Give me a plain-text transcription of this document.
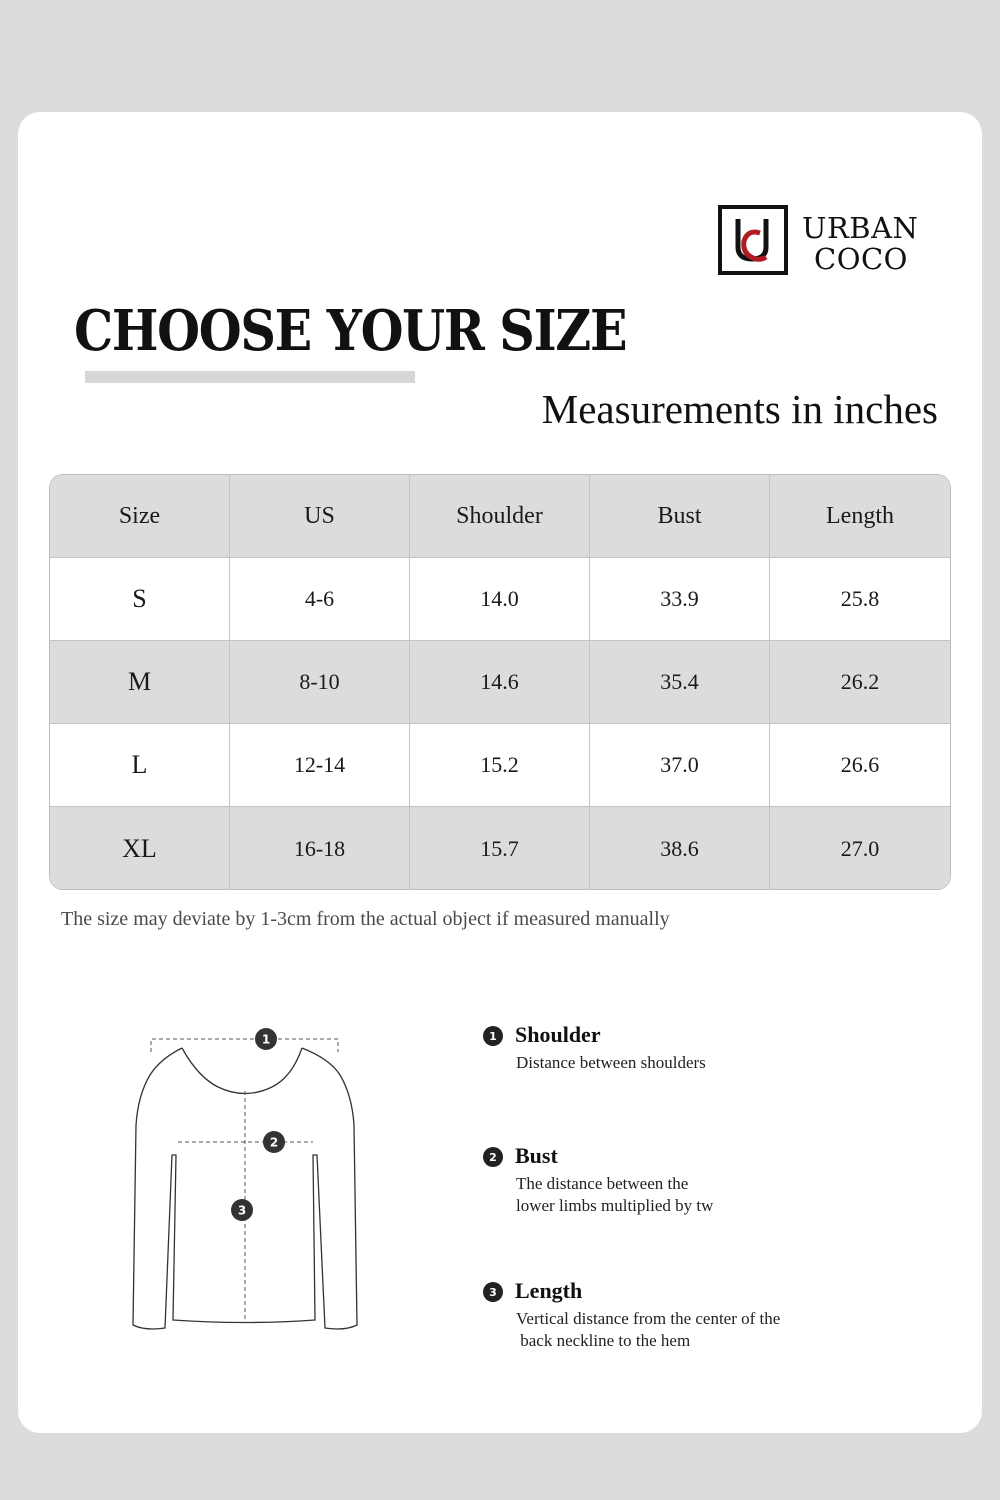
URBAN
COCO
CHOOSE YOUR SIZE
Measurements in inches
Size	US	Shoulder	Bust	Length
S	4-6	14.0	33.9	25.8
M	8-10	14.6	35.4	26.2
L	12-14	15.2	37.0	26.6
XL	16-18	15.7	38.6	27.0
The size may deviate by 1-3cm from the actual object if measured manually
1
2
3
1 Shoulder
Distance between shoulders
2 Bust
The distance between the
lower limbs multiplied by tw
3 Length
Vertical distance from the center of the
back neckline to the hem
